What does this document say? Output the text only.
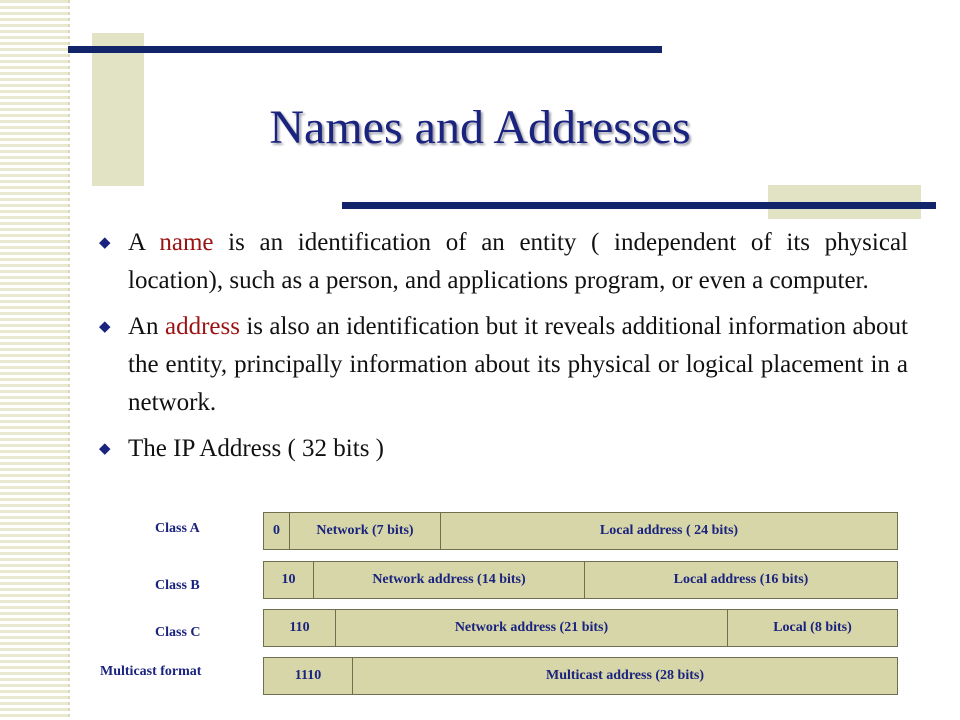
Names and Addresses
◆ A name is an identification of an entity ( independent of its physical location), such as a person, and applications program, or even a computer.
◆ An address is also an identification but it reveals additional information about the entity, principally information about its physical or logical placement in a network.
◆ The IP Address ( 32 bits )
Class A	0	Network (7 bits)	Local address ( 24 bits)
Class B	10	Network address (14 bits)	Local address (16 bits)
Class C	110	Network address (21 bits)	Local (8 bits)
Multicast format	1110	Multicast address (28 bits)
